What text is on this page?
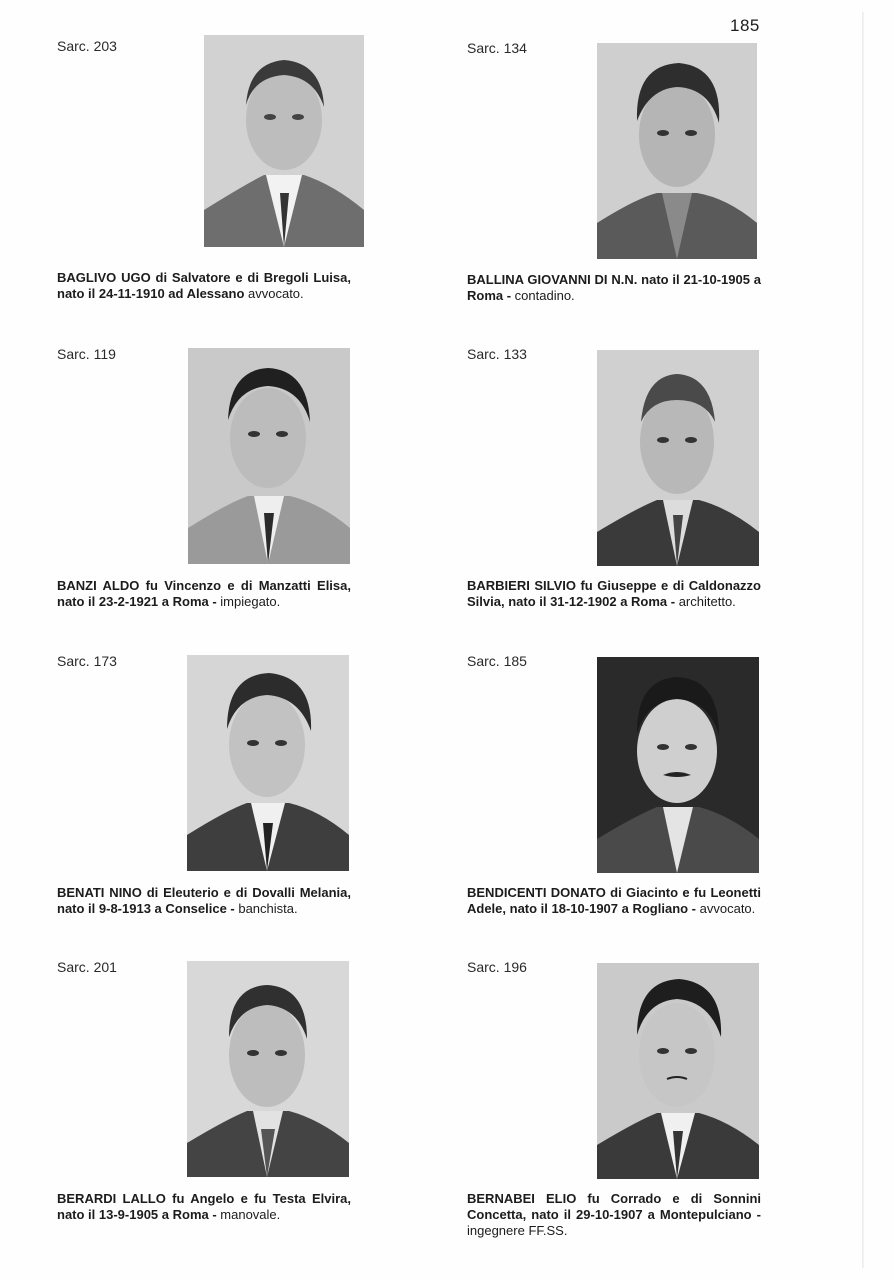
185
Sarc. 203
BAGLIVO UGO di Salvatore e di Bregoli Luisa, nato il 24-11-1910 ad Alessano avvocato.
Sarc. 134
BALLINA GIOVANNI DI N.N. nato il 21-10-1905 a Roma - contadino.
Sarc. 119
BANZI ALDO fu Vincenzo e di Manzatti Elisa, nato il 23-2-1921 a Roma - impiegato.
Sarc. 133
BARBIERI SILVIO fu Giuseppe e di Caldonazzo Silvia, nato il 31-12-1902 a Roma - architetto.
Sarc. 173
BENATI NINO di Eleuterio e di Dovalli Melania, nato il 9-8-1913 a Conselice - banchista.
Sarc. 185
BENDICENTI DONATO di Giacinto e fu Leonetti Adele, nato il 18-10-1907 a Rogliano - avvocato.
Sarc. 201
BERARDI LALLO fu Angelo e fu Testa Elvira, nato il 13-9-1905 a Roma - manovale.
Sarc. 196
BERNABEI ELIO fu Corrado e di Sonnini Concetta, nato il 29-10-1907 a Montepulciano - ingegnere FF.SS.
